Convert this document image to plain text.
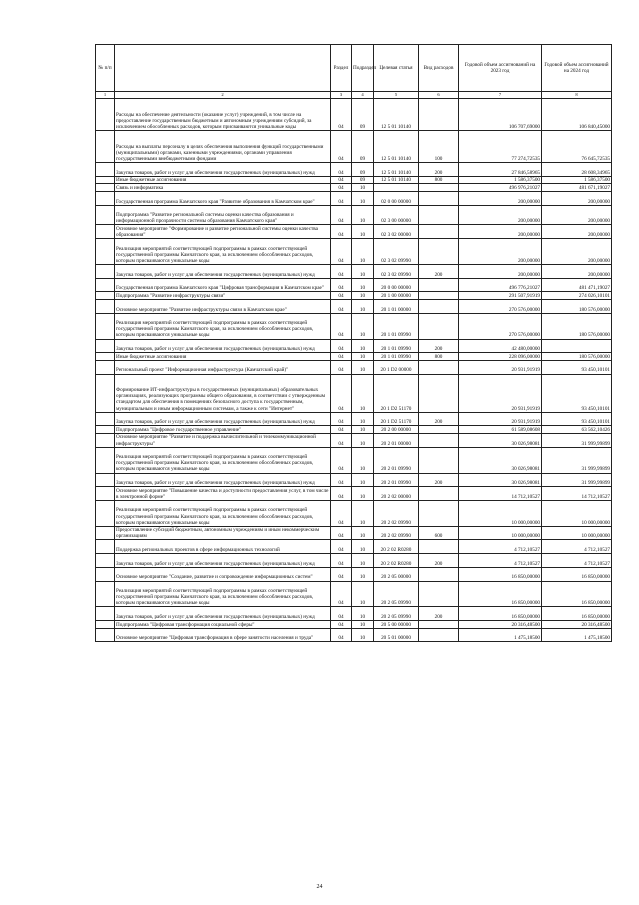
№ п/п		Раздел	Подраздел	Целевая статья	Вид расходов	Годовой объем ассигнований на 2023 год	Годовой объем ассигнований на 2024 год
1	2	3	4	5	6	7	8
	Расходы на обеспечение деятельности (оказание услуг) учреждений, в том числе на предоставление государственным бюджетным и автономным учреждениям субсидий, за исключением обособленных расходов, которым присваиваются уникальные коды	04	09	12 5 01 10140		106 707,69000	106 840,45000
	Расходы на выплаты персоналу в целях обеспечения выполнения функций государственными (муниципальными) органами, казенными учреждениями, органами управления государственными внебюджетными фондами	04	09	12 5 01 10140	100	77 274,72535	76 645,72535
	Закупка товаров, работ и услуг для обеспечения государственных (муниципальных) нужд	04	09	12 5 01 10140	200	27 846,58965	28 608,34965
	Иные бюджетные ассигнования	04	09	12 5 01 10140	800	1 586,37500	1 586,37500
	Связь и информатика	04	10			496 976,21027	481 671,19027
	Государственная программа Камчатского края "Развитие образования в Камчатском крае"	04	10	02 0 00 00000		200,00000	200,00000
	Подпрограмма "Развитие региональной системы оценки качества образования и информационной прозрачности системы образования Камчатского края"	04	10	02 3 00 00000		200,00000	200,00000
	Основное мероприятие "Формирование и развитие региональной системы оценки качества образования"	04	10	02 3 02 00000		200,00000	200,00000
	Реализация мероприятий соответствующей подпрограммы в рамках соответствующей государственной программы Камчатского края, за исключением обособленных расходов, которым присваиваются уникальные коды	04	10	02 3 02 09990		200,00000	200,00000
	Закупка товаров, работ и услуг для обеспечения государственных (муниципальных) нужд	04	10	02 3 02 09990	200	200,00000	200,00000
	Государственная программа Камчатского края "Цифровая трансформация в Камчатском крае"	04	10	20 0 00 00000		496 776,21027	481 471,19027
	Подпрограмма "Развитие инфраструктуры связи"	04	10	20 1 00 00000		291 507,91919	274 026,10101
	Основное мероприятие "Развитие инфраструктуры связи в Камчатском крае"	04	10	20 1 01 00000		270 576,00000	180 576,00000
	Реализация мероприятий соответствующей подпрограммы в рамках соответствующей государственной программы Камчатского края, за исключением обособленных расходов, которым присваиваются уникальные коды	04	10	20 1 01 09990		270 576,00000	180 576,00000
	Закупка товаров, работ и услуг для обеспечения государственных (муниципальных) нужд	04	10	20 1 01 09990	200	42 480,00000	
	Иные бюджетные ассигнования	04	10	20 1 01 09990	800	228 096,00000	180 576,00000
	Региональный проект "Информационная инфраструктура (Камчатский край)"	04	10	20 1 D2 00000		20 931,91919	93 450,10101
	Формирование ИТ-инфраструктуры в государственных (муниципальных) образовательных организациях, реализующих программы общего образования, в соответствии с утвержденным стандартом для обеспечения в помещениях безопасного доступа к государственным, муниципальным и иным информационным системам, а также к сети "Интернет"	04	10	20 1 D2 51170		20 931,91919	93 450,10101
	Закупка товаров, работ и услуг для обеспечения государственных (муниципальных) нужд	04	10	20 1 D2 51170	200	20 931,91919	93 450,10101
	Подпрограмма "Цифровое государственное управление"	04	10	20 2 00 00000		61 589,08608	63 562,10426
	Основное мероприятие "Развитие и поддержка вычислительной и телекоммуникационной инфраструктуры"	04	10	20 2 01 00000		30 026,98081	31 999,99899
	Реализация мероприятий соответствующей подпрограммы в рамках соответствующей государственной программы Камчатского края, за исключением обособленных расходов, которым присваиваются уникальные коды	04	10	20 2 01 09990		30 026,98081	31 999,99899
	Закупка товаров, работ и услуг для обеспечения государственных (муниципальных) нужд	04	10	20 2 01 09990	200	30 026,98081	31 999,99899
	Основное мероприятие "Повышение качества и доступности предоставления услуг, в том числе в электронной форме"	04	10	20 2 02 00000		14 712,10527	14 712,10527
	Реализация мероприятий соответствующей подпрограммы в рамках соответствующей государственной программы Камчатского края, за исключением обособленных расходов, которым присваиваются уникальные коды	04	10	20 2 02 09990		10 000,00000	10 000,00000
	Предоставление субсидий бюджетным, автономным учреждениям и иным некоммерческим организациям	04	10	20 2 02 09990	600	10 000,00000	10 000,00000
	Поддержка региональных проектов в сфере информационных технологий	04	10	20 2 02 R0280		4 712,10527	4 712,10527
	Закупка товаров, работ и услуг для обеспечения государственных (муниципальных) нужд	04	10	20 2 02 R0280	200	4 712,10527	4 712,10527
	Основное мероприятие "Создание, развитие и сопровождение информационных систем"	04	10	20 2 05 00000		16 850,00000	16 850,00000
	Реализация мероприятий соответствующей подпрограммы в рамках соответствующей государственной программы Камчатского края, за исключением обособленных расходов, которым присваиваются уникальные коды	04	10	20 2 05 09990		16 850,00000	16 850,00000
	Закупка товаров, работ и услуг для обеспечения государственных (муниципальных) нужд	04	10	20 2 05 09990	200	16 850,00000	16 850,00000
	Подпрограмма "Цифровая трансформация социальной сферы"	04	10	20 5 00 00000		20 316,48500	20 316,48500
	Основное мероприятие "Цифровая трансформация в сфере занятости населения и труда"	04	10	20 5 01 00000		1 475,18500	1 475,18500
24
